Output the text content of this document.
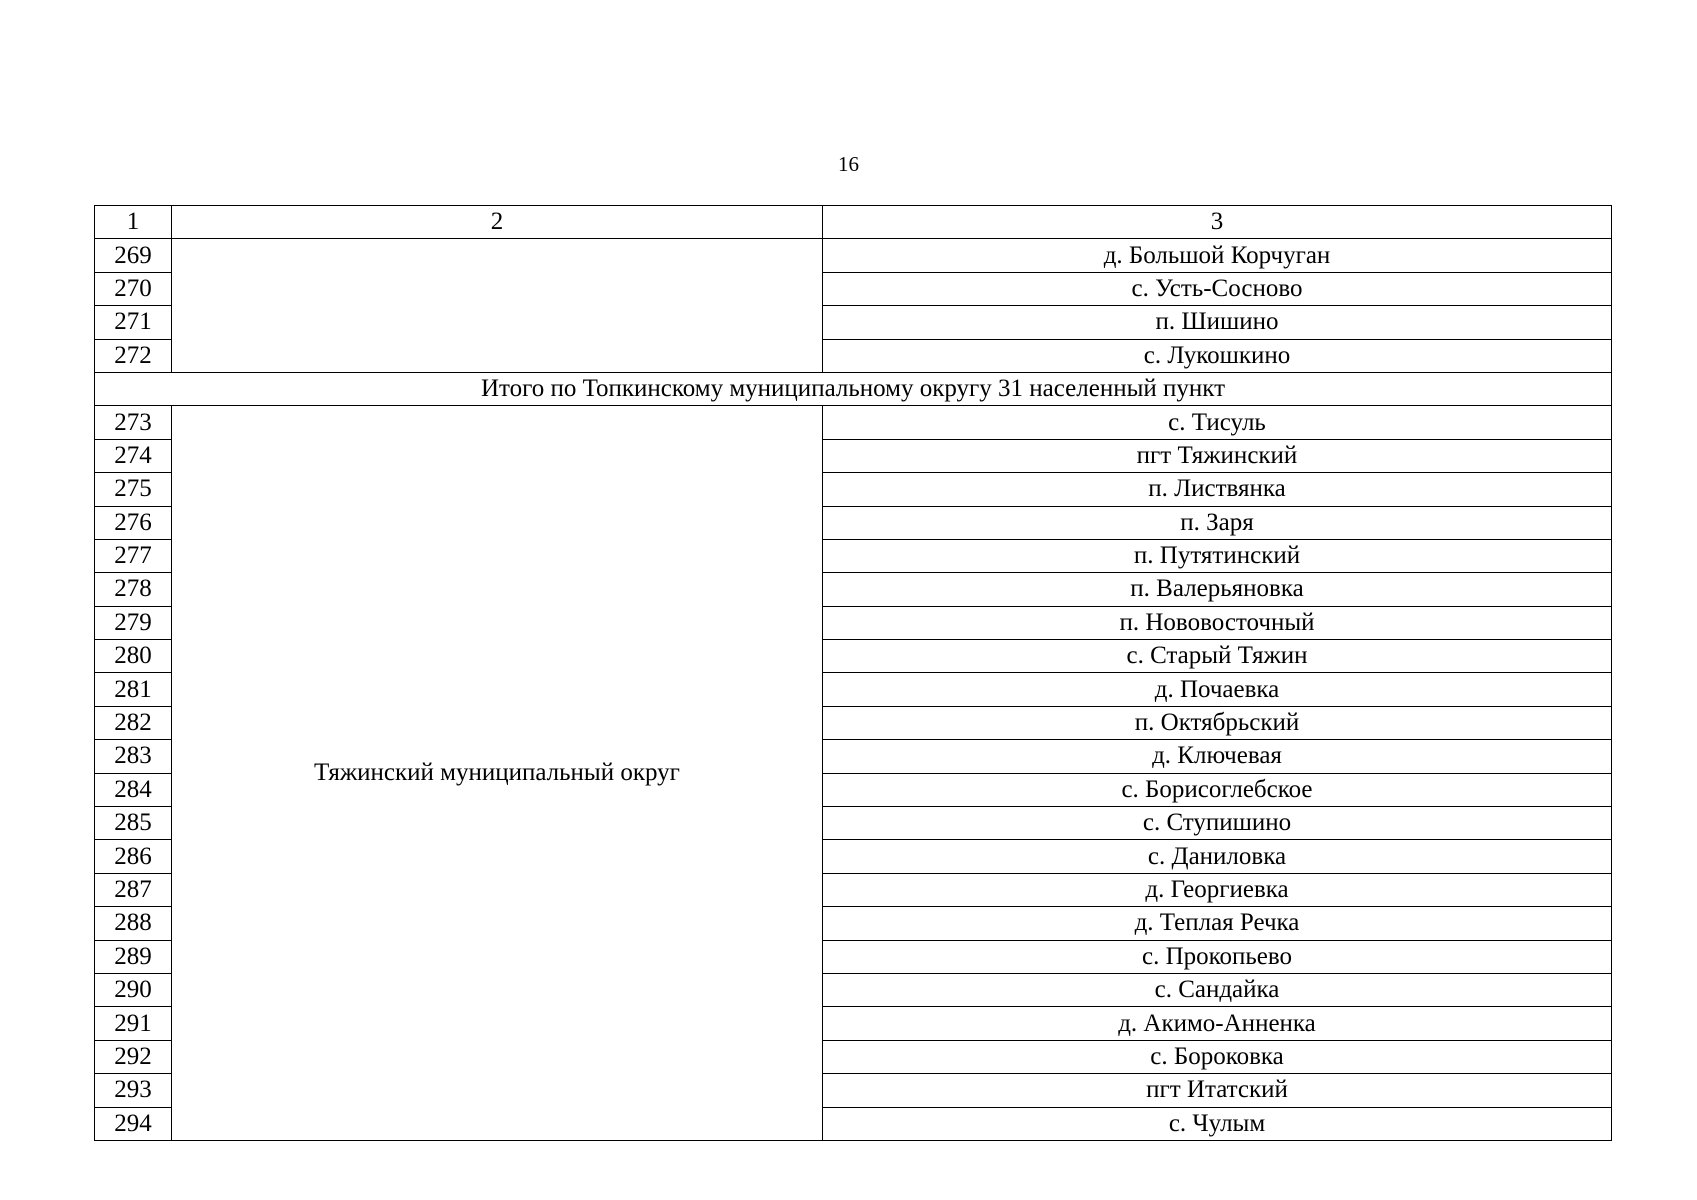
16
1	2	3
269		д. Большой Корчуган
270		с. Усть-Сосново
271		п. Шишино
272		с. Лукошкино
Итого по Топкинскому муниципальному округу 31 населенный пункт		
273	Тяжинский муниципальный округ	с. Тисуль
274		пгт Тяжинский
275		п. Листвянка
276		п. Заря
277		п. Путятинский
278		п. Валерьяновка
279		п. Нововосточный
280		с. Старый Тяжин
281		д. Почаевка
282		п. Октябрьский
283		д. Ключевая
284		с. Борисоглебское
285		с. Ступишино
286		с. Даниловка
287		д. Георгиевка
288		д. Теплая Речка
289		с. Прокопьево
290		с. Сандайка
291		д. Акимо-Анненка
292		с. Бороковка
293		пгт Итатский
294		с. Чулым
